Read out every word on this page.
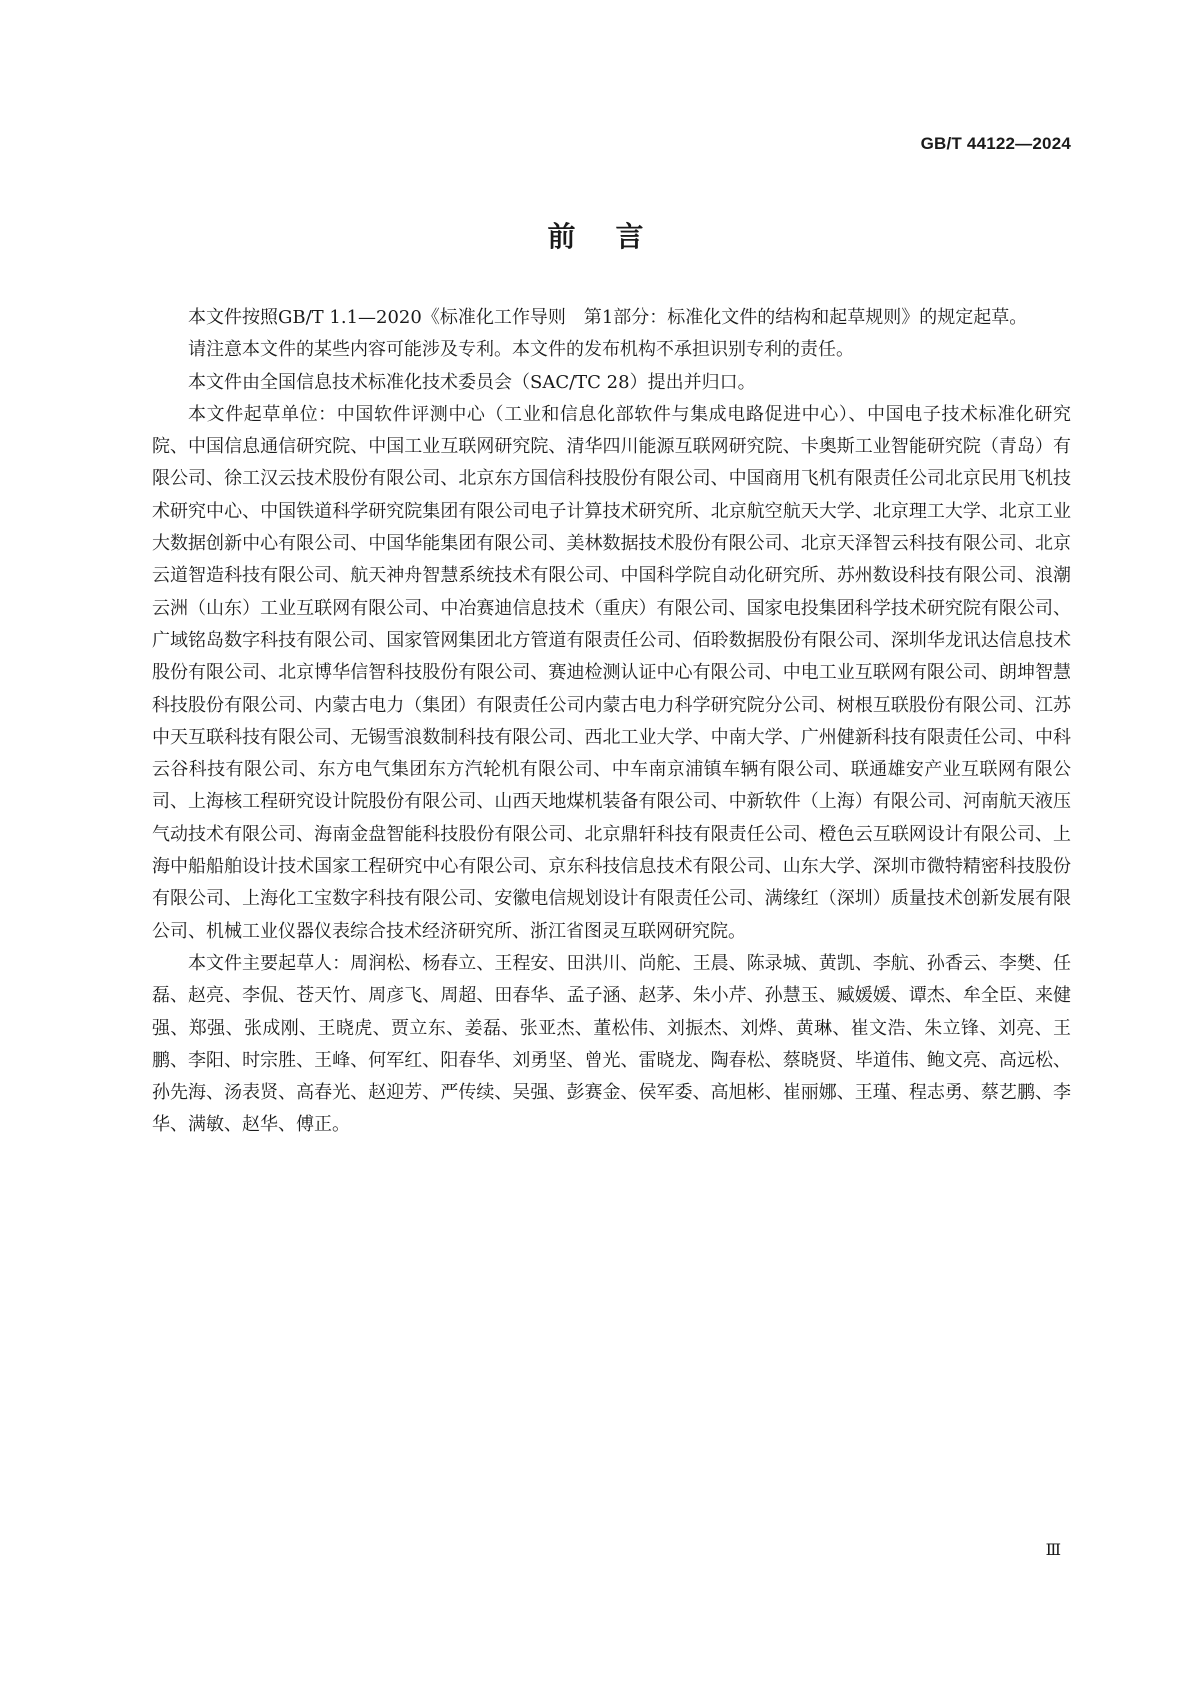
GB/T 44122—2024
前言

本文件按照GB/T 1.1—2020《标准化工作导则　第1部分：标准化文件的结构和起草规则》的规定起草。

请注意本文件的某些内容可能涉及专利。本文件的发布机构不承担识别专利的责任。

本文件由全国信息技术标准化技术委员会（SAC/TC 28）提出并归口。

本文件起草单位：中国软件评测中心（工业和信息化部软件与集成电路促进中心）、中国电子技术标准化研究院、中国信息通信研究院、中国工业互联网研究院、清华四川能源互联网研究院、卡奥斯工业智能研究院（青岛）有限公司、徐工汉云技术股份有限公司、北京东方国信科技股份有限公司、中国商用飞机有限责任公司北京民用飞机技术研究中心、中国铁道科学研究院集团有限公司电子计算技术研究所、北京航空航天大学、北京理工大学、北京工业大数据创新中心有限公司、中国华能集团有限公司、美林数据技术股份有限公司、北京天泽智云科技有限公司、北京云道智造科技有限公司、航天神舟智慧系统技术有限公司、中国科学院自动化研究所、苏州数设科技有限公司、浪潮云洲（山东）工业互联网有限公司、中冶赛迪信息技术（重庆）有限公司、国家电投集团科学技术研究院有限公司、广域铭岛数字科技有限公司、国家管网集团北方管道有限责任公司、佰聆数据股份有限公司、深圳华龙讯达信息技术股份有限公司、北京博华信智科技股份有限公司、赛迪检测认证中心有限公司、中电工业互联网有限公司、朗坤智慧科技股份有限公司、内蒙古电力（集团）有限责任公司内蒙古电力科学研究院分公司、树根互联股份有限公司、江苏中天互联科技有限公司、无锡雪浪数制科技有限公司、西北工业大学、中南大学、广州健新科技有限责任公司、中科云谷科技有限公司、东方电气集团东方汽轮机有限公司、中车南京浦镇车辆有限公司、联通雄安产业互联网有限公司、上海核工程研究设计院股份有限公司、山西天地煤机装备有限公司、中新软件（上海）有限公司、河南航天液压气动技术有限公司、海南金盘智能科技股份有限公司、北京鼎轩科技有限责任公司、橙色云互联网设计有限公司、上海中船船舶设计技术国家工程研究中心有限公司、京东科技信息技术有限公司、山东大学、深圳市微特精密科技股份有限公司、上海化工宝数字科技有限公司、安徽电信规划设计有限责任公司、满缘红（深圳）质量技术创新发展有限公司、机械工业仪器仪表综合技术经济研究所、浙江省图灵互联网研究院。

本文件主要起草人：周润松、杨春立、王程安、田洪川、尚舵、王晨、陈录城、黄凯、李航、孙香云、李樊、任磊、赵亮、李侃、苍天竹、周彦飞、周超、田春华、孟子涵、赵茅、朱小芹、孙慧玉、臧媛媛、谭杰、牟全臣、来健强、郑强、张成刚、王晓虎、贾立东、姜磊、张亚杰、董松伟、刘振杰、刘烨、黄琳、崔文浩、朱立锋、刘亮、王鹏、李阳、时宗胜、王峰、何军红、阳春华、刘勇坚、曾光、雷晓龙、陶春松、蔡晓贤、毕道伟、鲍文亮、高远松、孙先海、汤表贤、高春光、赵迎芳、严传续、吴强、彭赛金、侯军委、高旭彬、崔丽娜、王瑾、程志勇、蔡艺鹏、李华、满敏、赵华、傅正。

Ⅲ
